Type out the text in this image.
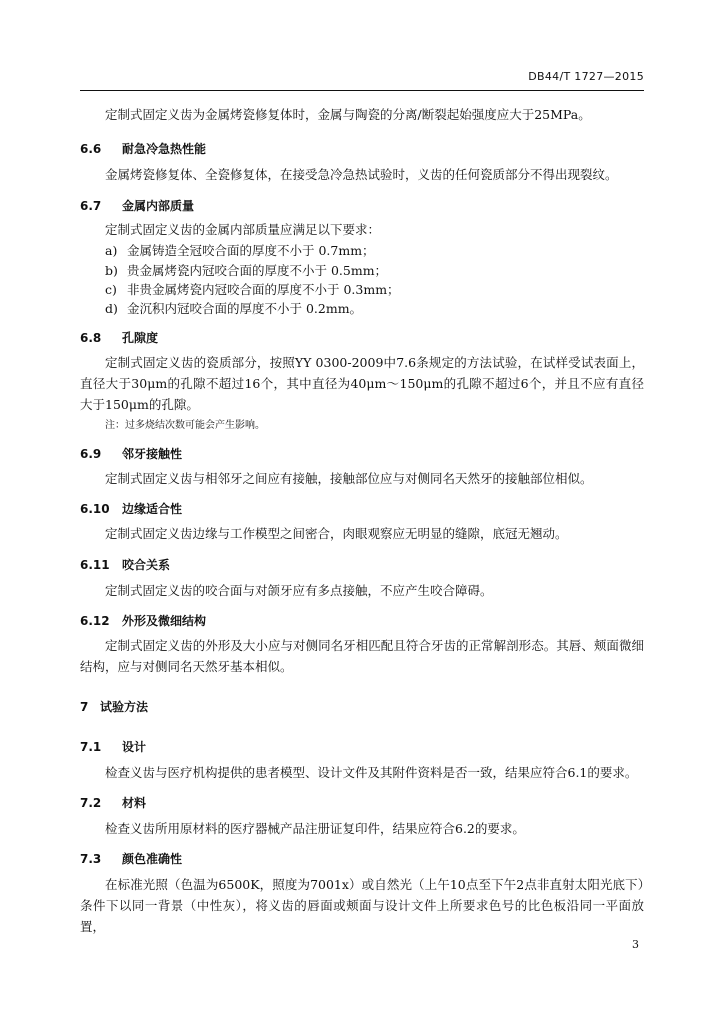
DB44/T 1727—2015
定制式固定义齿为金属烤瓷修复体时，金属与陶瓷的分离/断裂起始强度应大于25MPa。
6.6 耐急冷急热性能
金属烤瓷修复体、全瓷修复体，在接受急冷急热试验时，义齿的任何瓷质部分不得出现裂纹。
6.7 金属内部质量
定制式固定义齿的金属内部质量应满足以下要求：
a) 金属铸造全冠咬合面的厚度不小于 0.7mm；
b) 贵金属烤瓷内冠咬合面的厚度不小于 0.5mm；
c) 非贵金属烤瓷内冠咬合面的厚度不小于 0.3mm；
d) 金沉积内冠咬合面的厚度不小于 0.2mm。
6.8 孔隙度
定制式固定义齿的瓷质部分，按照YY 0300-2009中7.6条规定的方法试验，在试样受试表面上，直径大于30μm的孔隙不超过16个，其中直径为40μm～150μm的孔隙不超过6个，并且不应有直径大于150μm的孔隙。
注：过多烧结次数可能会产生影响。
6.9 邻牙接触性
定制式固定义齿与相邻牙之间应有接触，接触部位应与对侧同名天然牙的接触部位相似。
6.10 边缘适合性
定制式固定义齿边缘与工作模型之间密合，肉眼观察应无明显的缝隙，底冠无翘动。
6.11 咬合关系
定制式固定义齿的咬合面与对颌牙应有多点接触，不应产生咬合障碍。
6.12 外形及微细结构
定制式固定义齿的外形及大小应与对侧同名牙相匹配且符合牙齿的正常解剖形态。其唇、颊面微细结构，应与对侧同名天然牙基本相似。
7 试验方法
7.1 设计
检查义齿与医疗机构提供的患者模型、设计文件及其附件资料是否一致，结果应符合6.1的要求。
7.2 材料
检查义齿所用原材料的医疗器械产品注册证复印件，结果应符合6.2的要求。
7.3 颜色准确性
在标准光照（色温为6500K，照度为7001x）或自然光（上午10点至下午2点非直射太阳光底下）条件下以同一背景（中性灰），将义齿的唇面或颊面与设计文件上所要求色号的比色板沿同一平面放置，
3
